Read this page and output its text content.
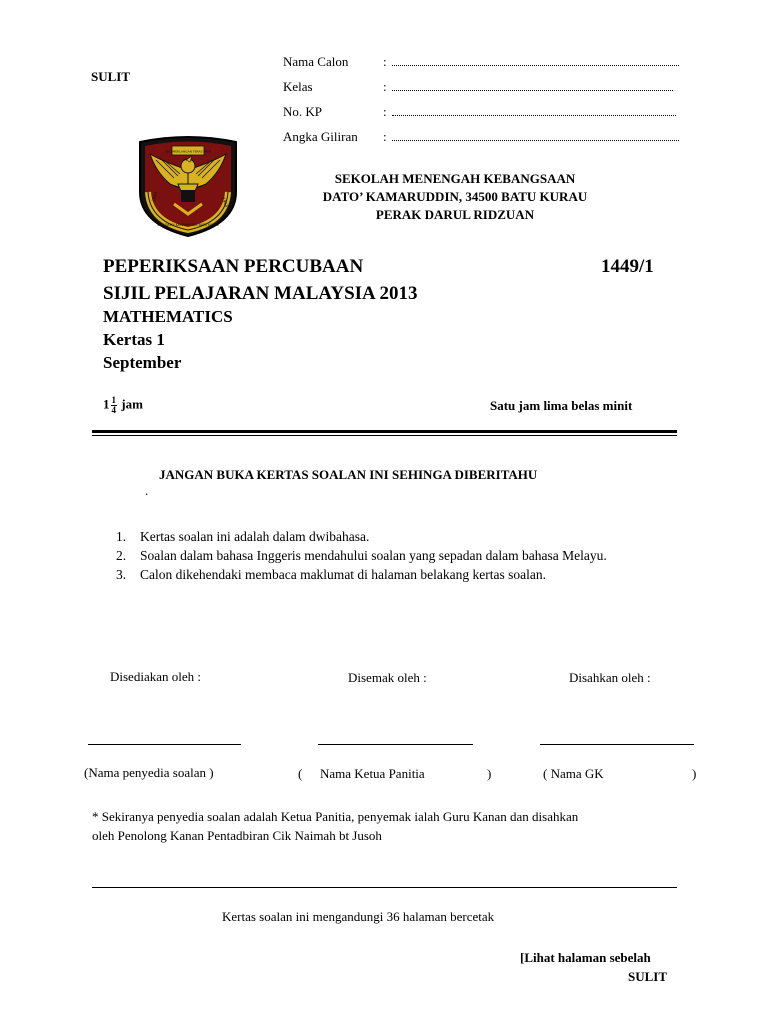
SULIT
Nama Calon	:
Kelas	:
No. KP	:
Angka Giliran :
SMK DATO' KAMARUDDIN BATU KURAU
1964	1964
KECEMERLANGAN TERAS IMAN
SEKOLAH MENENGAH KEBANGSAAN
DATO’ KAMARUDDIN, 34500 BATU KURAU
PERAK DARUL RIDZUAN
PEPERIKSAAN PERCUBAAN	1449/1
SIJIL PELAJARAN MALAYSIA 2013
MATHEMATICS
Kertas 1
September
$1 \frac{1}{4}$ jam	Satu jam lima belas minit
JANGAN BUKA KERTAS SOALAN INI SEHINGA DIBERITAHU
.
1. Kertas soalan ini adalah dalam dwibahasa.
2. Soalan dalam bahasa Inggeris mendahului soalan yang sepadan dalam bahasa Melayu.
3. Calon dikehendaki membaca maklumat di halaman belakang kertas soalan.
Disediakan oleh :	Disemak oleh :	Disahkan oleh :
(Nama penyedia soalan )	( Nama Ketua Panitia	)	( Nama GK	)
* Sekiranya penyedia soalan adalah Ketua Panitia, penyemak ialah Guru Kanan dan disahkan
oleh Penolong Kanan Pentadbiran Cik Naimah bt Jusoh
Kertas soalan ini mengandungi 36 halaman bercetak
[Lihat halaman sebelah
SULIT
